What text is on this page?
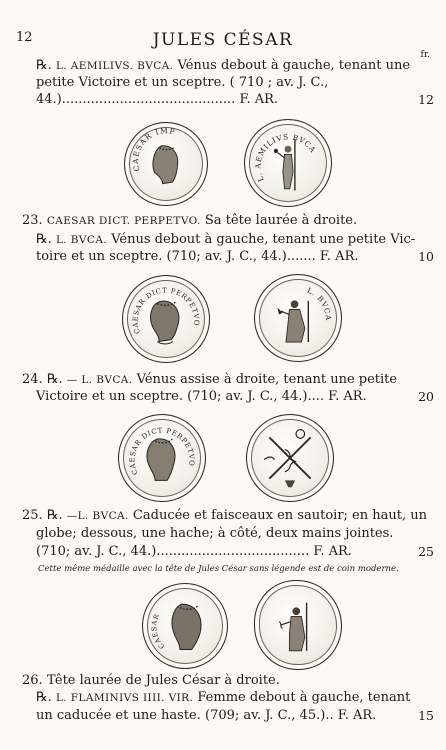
12	JULES CÉSAR
fr.
℞. L. AEMILIVS. BVCA. Vénus debout à gauche, tenant une
petite Victoire et un sceptre. ( 710 ; av. J. C.,
44.).......................................... F. AR.	12
CAESAR IMP
L. AEMILIVS BVCA
23. CAESAR DICT. PERPETVO. Sa tête laurée à droite.
℞. L. BVCA. Vénus debout à gauche, tenant une petite Vic-
toire et un sceptre. (710; av. J. C., 44.)....... F. AR.	10
CAESAR DICT PERPETVO
L. BVCA
24. ℞. — L. BVCA. Vénus assise à droite, tenant une petite
Victoire et un sceptre. (710; av. J. C., 44.).... F. AR.	20
CAESAR DICT PERPETVO
25. ℞. —L. BVCA. Caducée et faisceaux en sautoir; en haut, un
globe; dessous, une hache; à côté, deux mains jointes.
(710; av. J. C., 44.)..................................... F. AR.	25
Cette même médaille avec la tête de Jules César sans légende est de coin moderne.
CAESAR
26. Tête laurée de Jules César à droite.
℞. L. FLAMINIVS IIII. VIR. Femme debout à gauche, tenant
un caducée et une haste. (709; av. J. C., 45.).. F. AR.	15
